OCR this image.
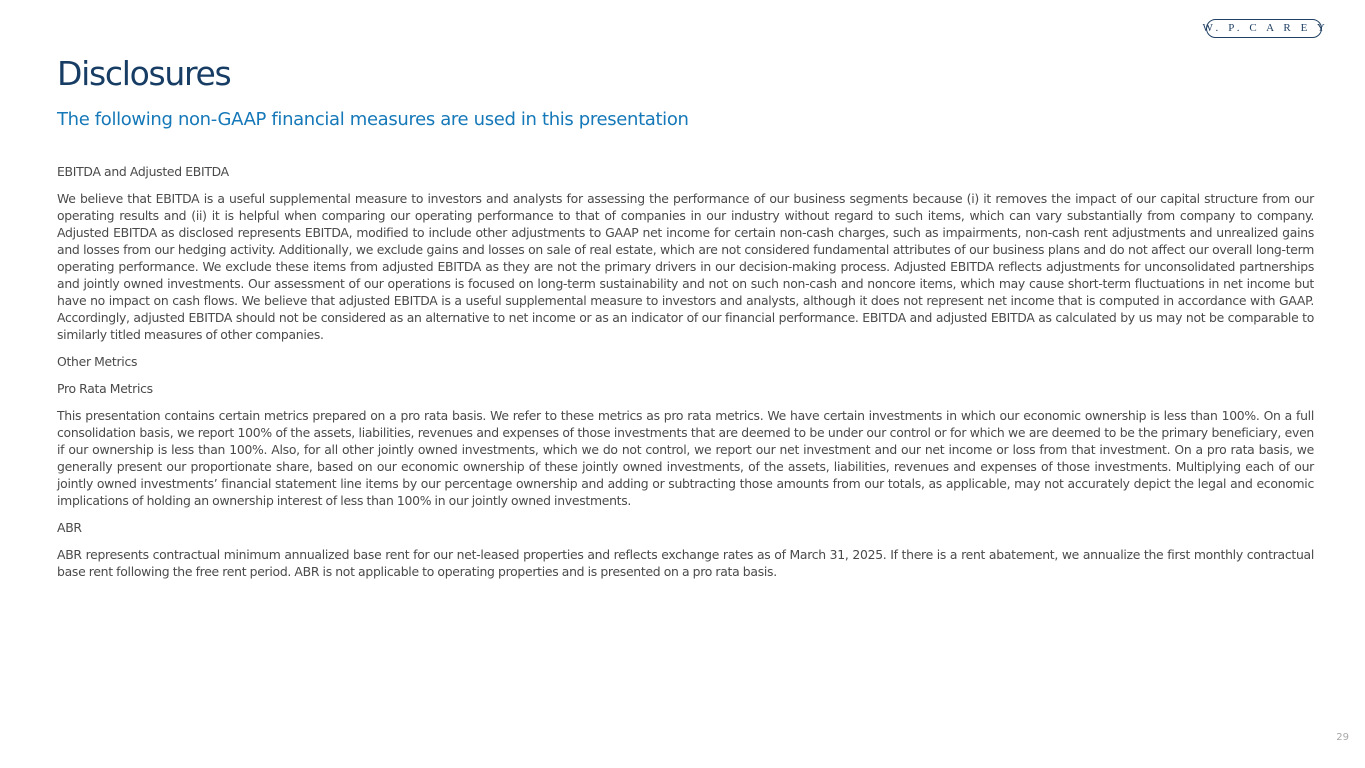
W. P. C A R E Y
Disclosures
The following non-GAAP financial measures are used in this presentation

EBITDA and Adjusted EBITDA

We believe that EBITDA is a useful supplemental measure to investors and analysts for assessing the performance of our business segments because (i) it removes the impact of our capital structure from our operating results and (ii) it is helpful when comparing our operating performance to that of companies in our industry without regard to such items, which can vary substantially from company to company. Adjusted EBITDA as disclosed represents EBITDA, modified to include other adjustments to GAAP net income for certain non-cash charges, such as impairments, non-cash rent adjustments and unrealized gains and losses from our hedging activity. Additionally, we exclude gains and losses on sale of real estate, which are not considered fundamental attributes of our business plans and do not affect our overall long-term operating performance. We exclude these items from adjusted EBITDA as they are not the primary drivers in our decision-making process. Adjusted EBITDA reflects adjustments for unconsolidated partnerships and jointly owned investments. Our assessment of our operations is focused on long-term sustainability and not on such non-cash and noncore items, which may cause short-term fluctuations in net income but have no impact on cash flows. We believe that adjusted EBITDA is a useful supplemental measure to investors and analysts, although it does not represent net income that is computed in accordance with GAAP. Accordingly, adjusted EBITDA should not be considered as an alternative to net income or as an indicator of our financial performance. EBITDA and adjusted EBITDA as calculated by us may not be comparable to similarly titled measures of other companies.

Other Metrics

Pro Rata Metrics

This presentation contains certain metrics prepared on a pro rata basis. We refer to these metrics as pro rata metrics. We have certain investments in which our economic ownership is less than 100%. On a full consolidation basis, we report 100% of the assets, liabilities, revenues and expenses of those investments that are deemed to be under our control or for which we are deemed to be the primary beneficiary, even if our ownership is less than 100%. Also, for all other jointly owned investments, which we do not control, we report our net investment and our net income or loss from that investment. On a pro rata basis, we generally present our proportionate share, based on our economic ownership of these jointly owned investments, of the assets, liabilities, revenues and expenses of those investments. Multiplying each of our jointly owned investments’ financial statement line items by our percentage ownership and adding or subtracting those amounts from our totals, as applicable, may not accurately depict the legal and economic implications of holding an ownership interest of less than 100% in our jointly owned investments.

ABR

ABR represents contractual minimum annualized base rent for our net-leased properties and reflects exchange rates as of March 31, 2025. If there is a rent abatement, we annualize the first monthly contractual base rent following the free rent period. ABR is not applicable to operating properties and is presented on a pro rata basis.

29
